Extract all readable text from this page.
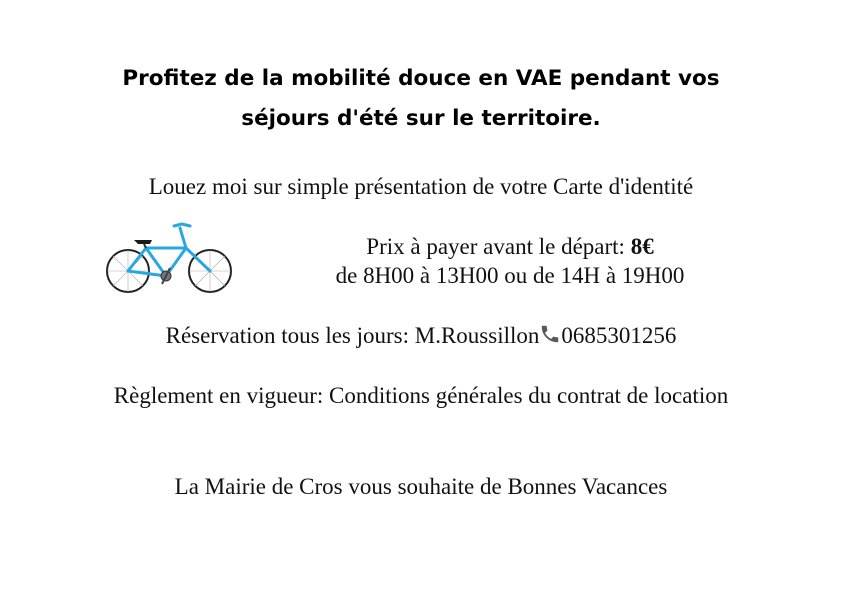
Profitez de la mobilité douce en VAE pendant vos
séjours d'été sur le territoire.
Louez moi sur simple présentation de votre Carte d'identité
Prix à payer avant le départ: 8€
de 8H00 à 13H00 ou de 14H à 19H00
Réservation tous les jours: M.Roussillon 0685301256
Règlement en vigueur: Conditions générales du contrat de location
La Mairie de Cros vous souhaite de Bonnes Vacances
